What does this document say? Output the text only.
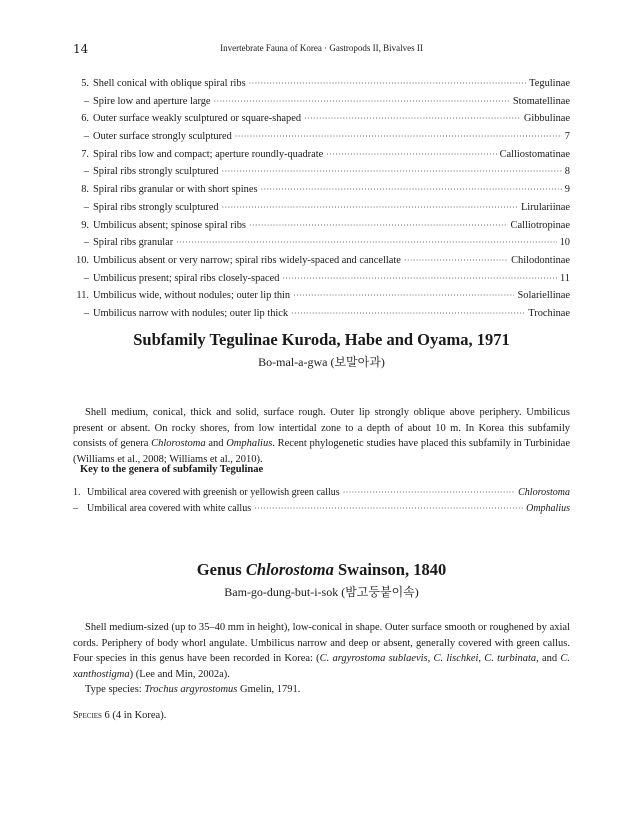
14	Invertebrate Fauna of Korea · Gastropods II, Bivalves II
5. Shell conical with oblique spiral ribs ·····	Tegulinae
– Spire low and aperture large ·····	Stomatellinae
6. Outer surface weakly sculptured or square-shaped ·····	Gibbulinae
– Outer surface strongly sculptured ·····	7
7. Spiral ribs low and compact; aperture roundly-quadrate ·····	Calliostomatinae
– Spiral ribs strongly sculptured ·····	8
8. Spiral ribs granular or with short spines ·····	9
– Spiral ribs strongly sculptured ·····	Lirulariinae
9. Umbilicus absent; spinose spiral ribs ·····	Calliotropinae
– Spiral ribs granular ·····	10
10. Umbilicus absent or very narrow; spiral ribs widely-spaced and cancellate ·····	Chilodontinae
– Umbilicus present; spiral ribs closely-spaced ·····	11
11. Umbilicus wide, without nodules; outer lip thin ·····	Solariellinae
– Umbilicus narrow with nodules; outer lip thick ·····	Trochinae
Subfamily Tegulinae Kuroda, Habe and Oyama, 1971
Bo-mal-a-gwa (보말아과)

Shell medium, conical, thick and solid, surface rough. Outer lip strongly oblique above periphery. Umbilicus present or absent. On rocky shores, from low intertidal zone to a depth of about 10 m. In Korea this subfamily consists of genera Chlorostoma and Omphalius. Recent phylogenetic studies have placed this subfamily in Turbinidae (Williams et al., 2008; Williams et al., 2010).

Key to the genera of subfamily Tegulinae
1. Umbilical area covered with greenish or yellowish green callus ·····	Chlorostoma
– Umbilical area covered with white callus ·····	Omphalius
Genus Chlorostoma Swainson, 1840
Bam-go-dung-but-i-sok (밤고둥붙이속)

Shell medium-sized (up to 35–40 mm in height), low-conical in shape. Outer surface smooth or roughened by axial cords. Periphery of body whorl angulate. Umbilicus narrow and deep or absent, generally covered with green callus. Four species in this genus have been recorded in Korea: (C. argyrostoma sublaevis, C. lischkei, C. turbinata, and C. xanthostigma) (Lee and Min, 2002a).

Type species: Trochus argyrostomus Gmelin, 1791.

Species 6 (4 in Korea).
